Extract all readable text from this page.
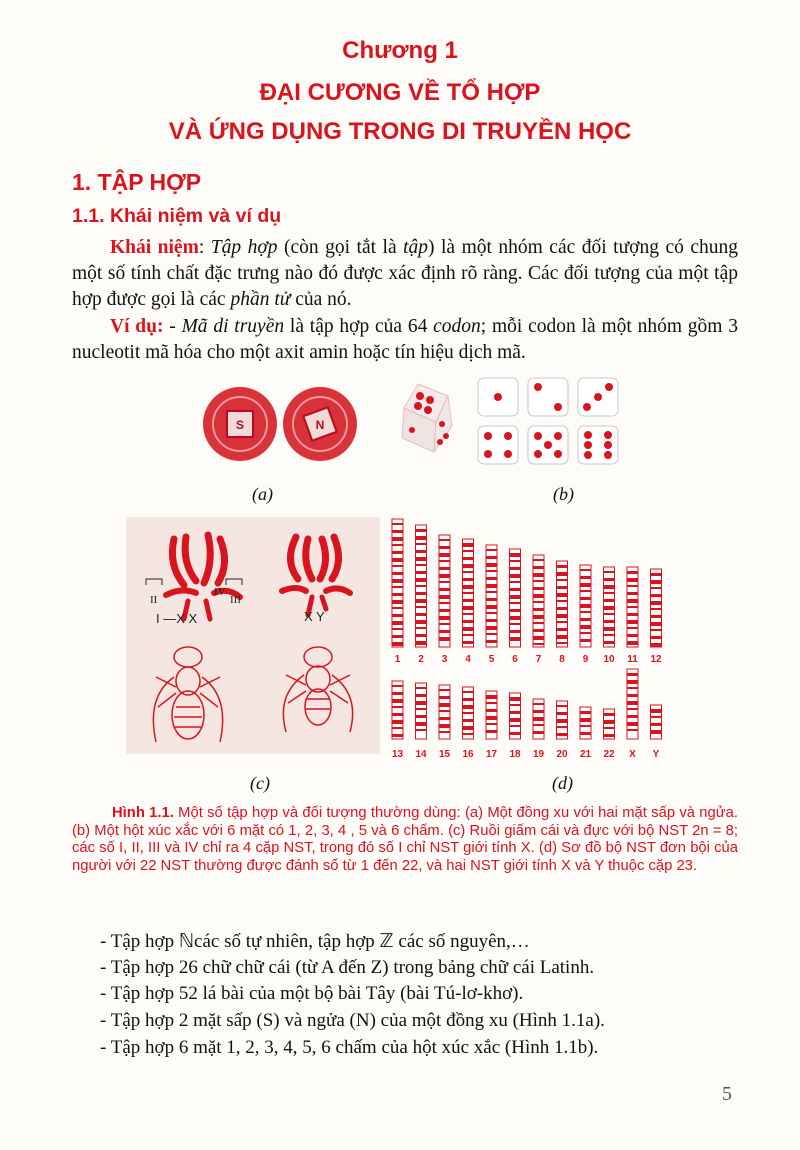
Chương 1
ĐẠI CƯƠNG VỀ TỔ HỢP
VÀ ỨNG DỤNG TRONG DI TRUYỀN HỌC
1. TẬP HỢP
1.1. Khái niệm và ví dụ
Khái niệm: Tập hợp (còn gọi tắt là tập) là một nhóm các đối tượng có chung một số tính chất đặc trưng nào đó được xác định rõ ràng. Các đối tượng của một tập hợp được gọi là các phần tử của nó.
Ví dụ: - Mã di truyền là tập hợp của 64 codon; mỗi codon là một nhóm gồm 3 nucleotit mã hóa cho một axit amin hoặc tín hiệu dịch mã.
S	N
(a)	(b)
II	III
IV
I —X X	X Y
1 2 3 4 5 6 7 8 9 10 11 12
13 14 15 16 17 18 19 20 21 22 X Y
(c)	(d)
Hình 1.1. Một số tập hợp và đối tượng thường dùng: (a) Một đồng xu với hai mặt sấp và ngửa. (b) Một hột xúc xắc với 6 mặt có 1, 2, 3, 4 , 5 và 6 chấm. (c) Ruồi giấm cái và đực với bộ NST 2n = 8; các số I, II, III và IV chỉ ra 4 cặp NST, trong đó số I chỉ NST giới tính X. (d) Sơ đồ bộ NST đơn bội của người với 22 NST thường được đánh số từ 1 đến 22, và hai NST giới tính X và Y thuộc cặp 23.
- Tập hợp ℕcác số tự nhiên, tập hợp ℤ các số nguyên,…
- Tập hợp 26 chữ chữ cái (từ A đến Z) trong bảng chữ cái Latinh.
- Tập hợp 52 lá bài của một bộ bài Tây (bài Tú-lơ-khơ).
- Tập hợp 2 mặt sấp (S) và ngửa (N) của một đồng xu (Hình 1.1a).
- Tập hợp 6 mặt 1, 2, 3, 4, 5, 6 chấm của hột xúc xắc (Hình 1.1b).
5
